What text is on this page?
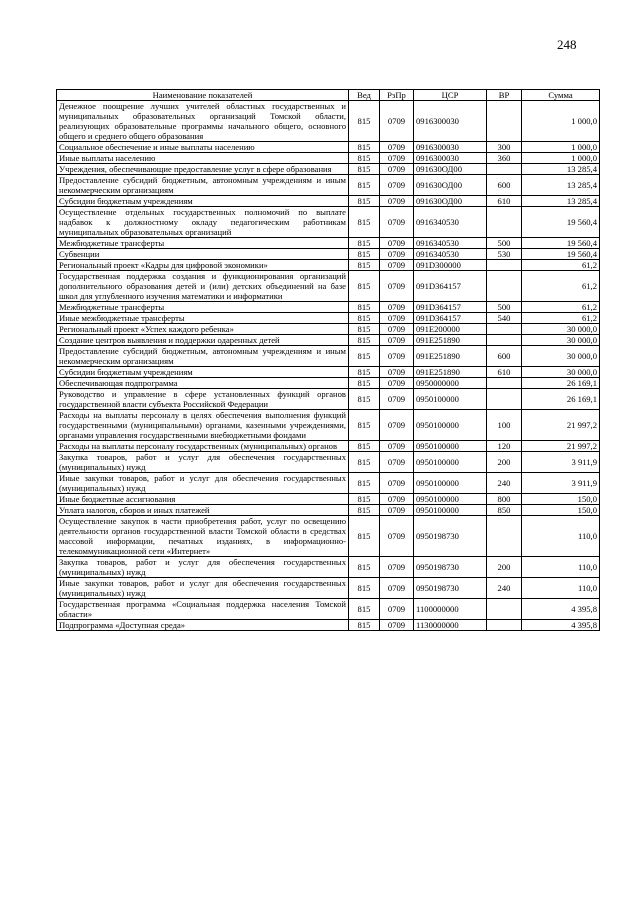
248
Наименование показателей	Вед	РзПр	ЦСР	ВР	Сумма
Денежное поощрение лучших учителей областных государственных и муниципальных образовательных организаций Томской области, реализующих образовательные программы начального общего, основного общего и среднего общего образования	815	0709	0916300030		1 000,0
Социальное обеспечение и иные выплаты населению	815	0709	0916300030	300	1 000,0
Иные выплаты населению	815	0709	0916300030	360	1 000,0
Учреждения, обеспечивающие предоставление услуг в сфере образования	815	0709	091630ОД00		13 285,4
Предоставление субсидий бюджетным, автономным учреждениям и иным некоммерческим организациям	815	0709	091630ОД00	600	13 285,4
Субсидии бюджетным учреждениям	815	0709	091630ОД00	610	13 285,4
Осуществление отдельных государственных полномочий по выплате надбавок к должностному окладу педагогическим работникам муниципальных образовательных организаций	815	0709	0916340530		19 560,4
Межбюджетные трансферты	815	0709	0916340530	500	19 560,4
Субвенции	815	0709	0916340530	530	19 560,4
Региональный проект «Кадры для цифровой экономики»	815	0709	091D300000		61,2
Государственная поддержка создания и функционирования организаций дополнительного образования детей и (или) детских объединений на базе школ для углубленного изучения математики и информатики	815	0709	091D364157		61,2
Межбюджетные трансферты	815	0709	091D364157	500	61,2
Иные межбюджетные трансферты	815	0709	091D364157	540	61,2
Региональный проект «Успех каждого ребенка»	815	0709	091E200000		30 000,0
Создание центров выявления и поддержки одаренных детей	815	0709	091E251890		30 000,0
Предоставление субсидий бюджетным, автономным учреждениям и иным некоммерческим организациям	815	0709	091E251890	600	30 000,0
Субсидии бюджетным учреждениям	815	0709	091E251890	610	30 000,0
Обеспечивающая подпрограмма	815	0709	0950000000		26 169,1
Руководство и управление в сфере установленных функций органов государственной власти субъекта Российской Федерации	815	0709	0950100000		26 169,1
Расходы на выплаты персоналу в целях обеспечения выполнения функций государственными (муниципальными) органами, казенными учреждениями, органами управления государственными внебюджетными фондами	815	0709	0950100000	100	21 997,2
Расходы на выплаты персоналу государственных (муниципальных) органов	815	0709	0950100000	120	21 997,2
Закупка товаров, работ и услуг для обеспечения государственных (муниципальных) нужд	815	0709	0950100000	200	3 911,9
Иные закупки товаров, работ и услуг для обеспечения государственных (муниципальных) нужд	815	0709	0950100000	240	3 911,9
Иные бюджетные ассигнования	815	0709	0950100000	800	150,0
Уплата налогов, сборов и иных платежей	815	0709	0950100000	850	150,0
Осуществление закупок в части приобретения работ, услуг по освещению деятельности органов государственной власти Томской области в средствах массовой информации, печатных изданиях, в информационно-телекоммуникационной сети «Интернет»	815	0709	0950198730		110,0
Закупка товаров, работ и услуг для обеспечения государственных (муниципальных) нужд	815	0709	0950198730	200	110,0
Иные закупки товаров, работ и услуг для обеспечения государственных (муниципальных) нужд	815	0709	0950198730	240	110,0
Государственная программа «Социальная поддержка населения Томской области»	815	0709	1100000000		4 395,8
Подпрограмма «Доступная среда»	815	0709	1130000000		4 395,8
